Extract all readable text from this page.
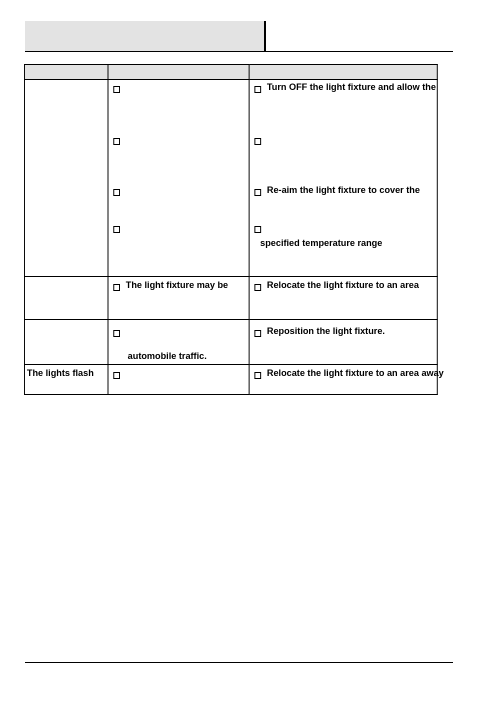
		Turn OFF the light fixture and allow the
Re-aim the light fixture to cover the
specified temperature range

	The light fixture may be	Relocate the light fixture to an area

	automobile traffic.	Reposition the light fixture.

The lights flash		Relocate the light fixture to an area away
